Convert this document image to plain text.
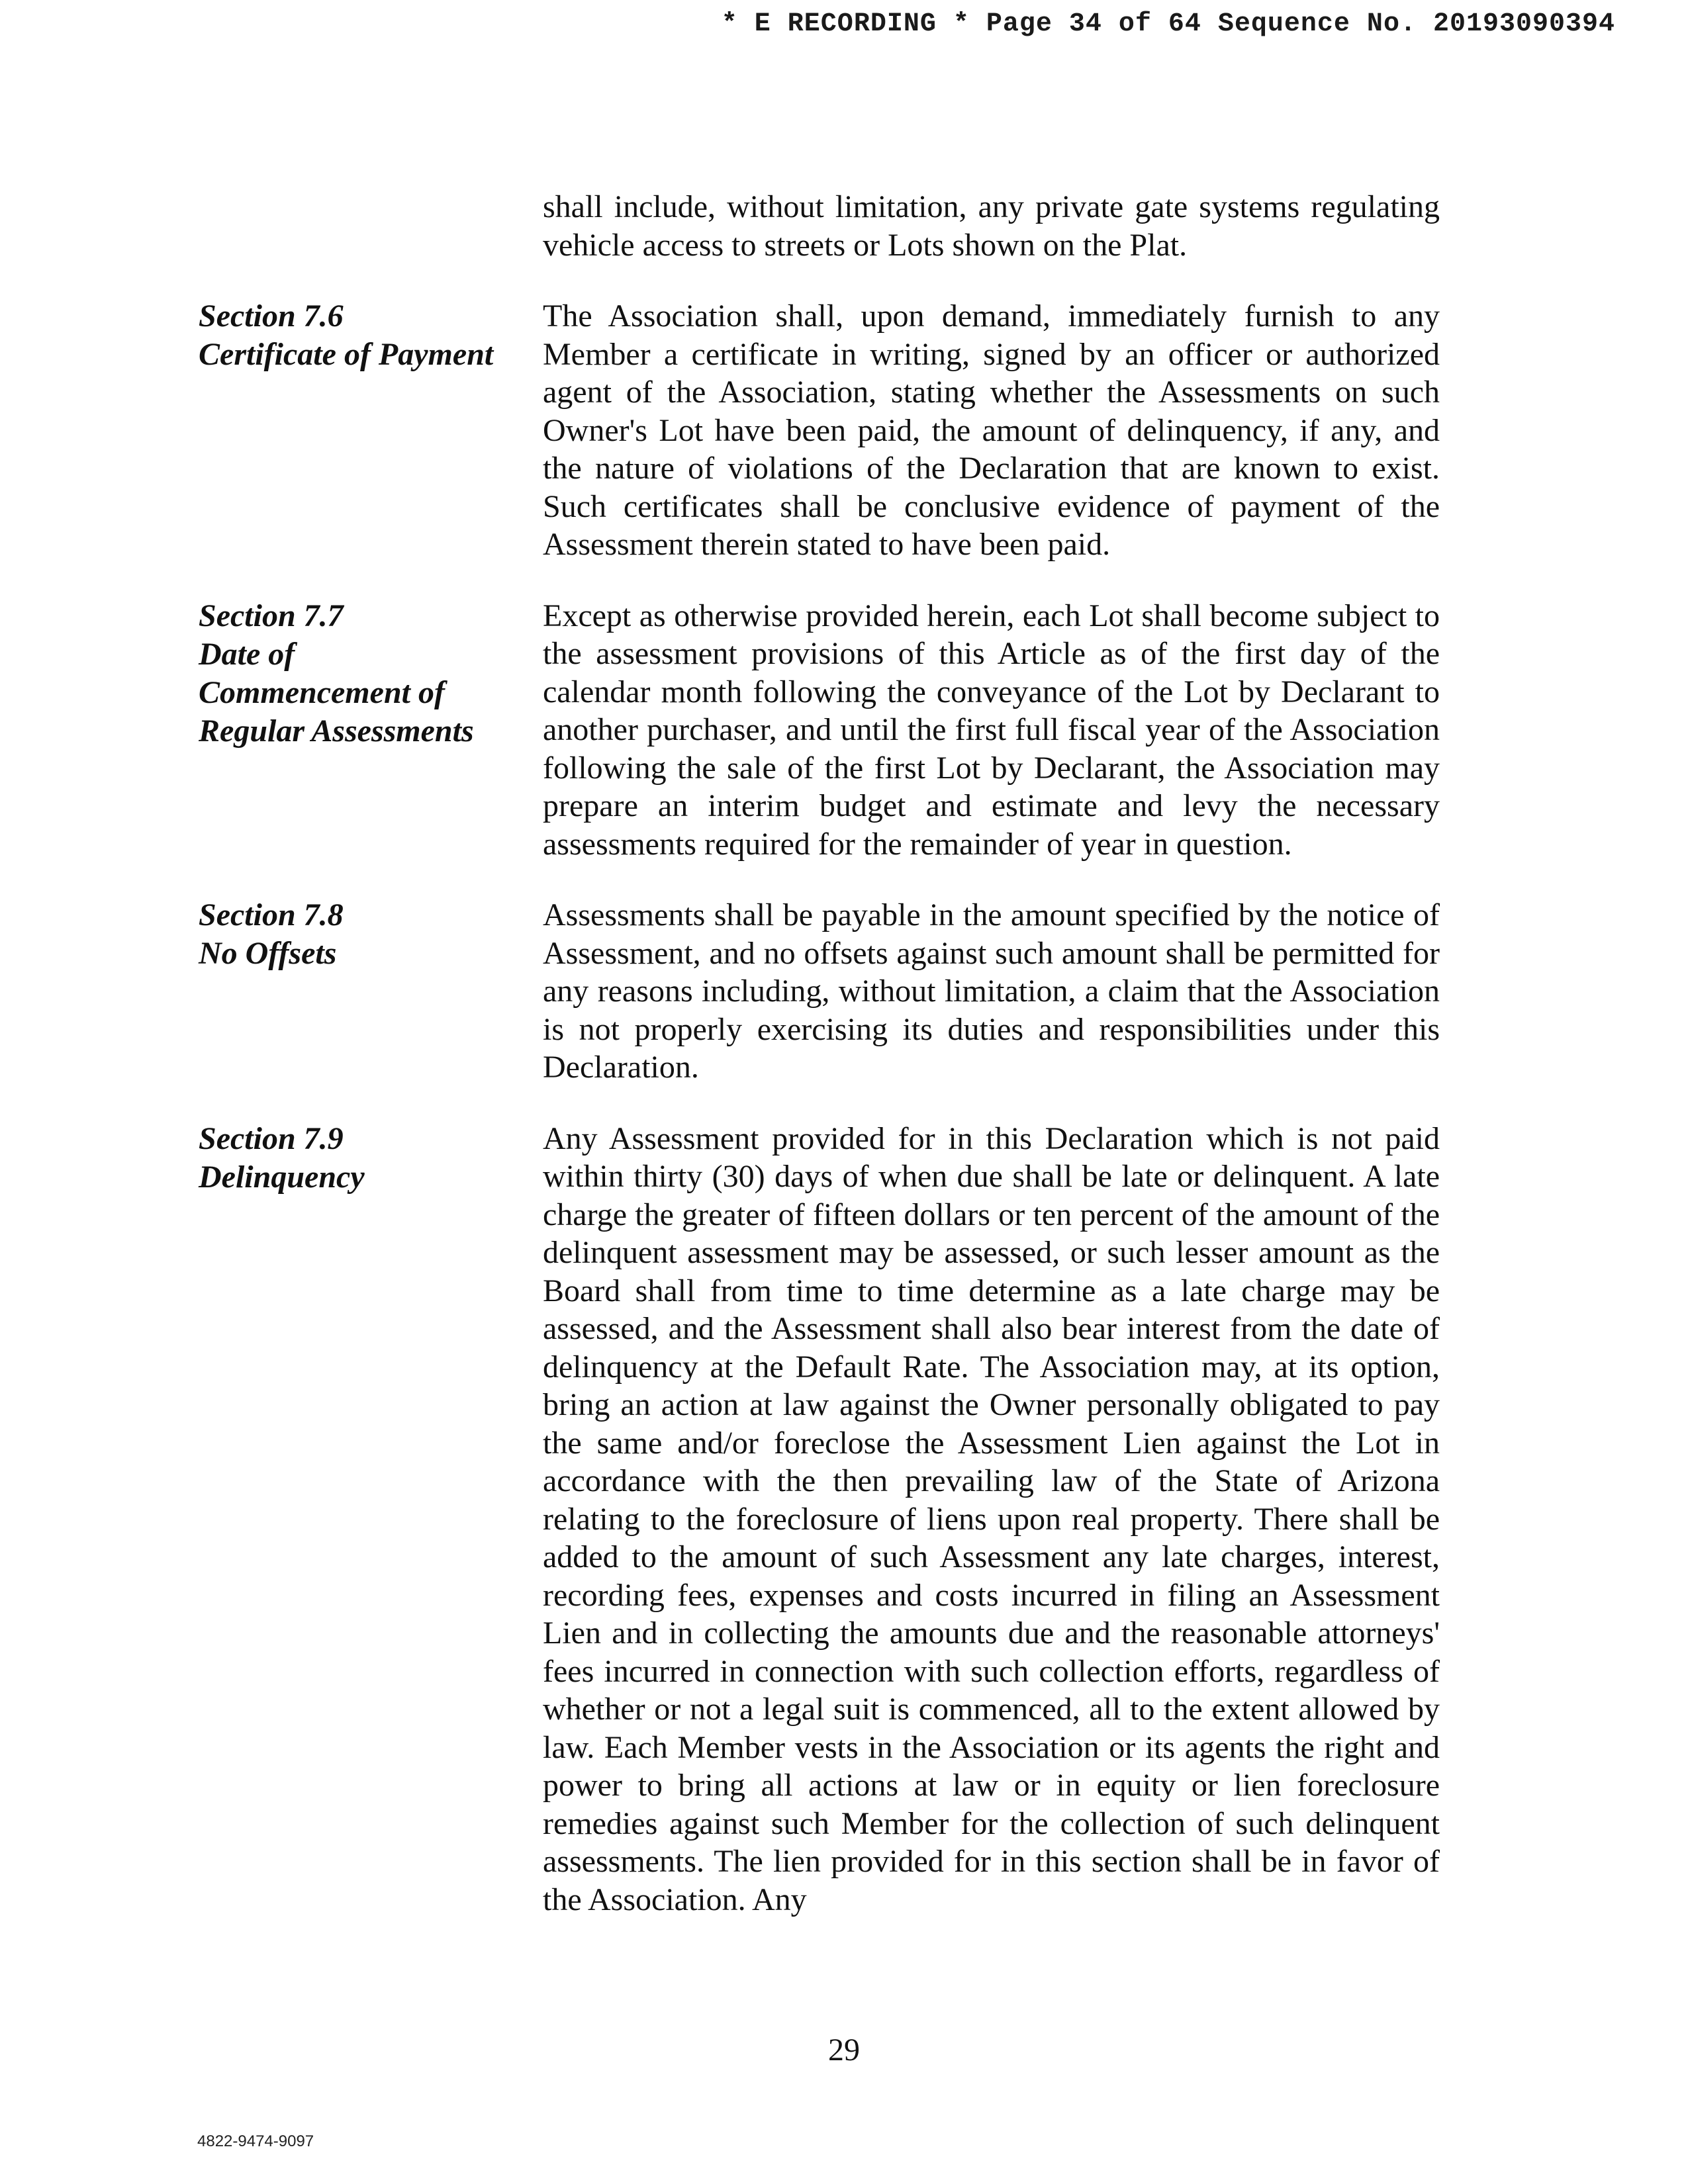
* E RECORDING * Page 34 of 64 Sequence No. 20193090394
shall include, without limitation, any private gate systems regulating vehicle access to streets or Lots shown on the Plat.
Section 7.6
Certificate of Payment
The Association shall, upon demand, immediately furnish to any Member a certificate in writing, signed by an officer or authorized agent of the Association, stating whether the Assessments on such Owner's Lot have been paid, the amount of delinquency, if any, and the nature of violations of the Declaration that are known to exist. Such certificates shall be conclusive evidence of payment of the Assessment therein stated to have been paid.
Section 7.7
Date of
Commencement of
Regular Assessments
Except as otherwise provided herein, each Lot shall become subject to the assessment provisions of this Article as of the first day of the calendar month following the conveyance of the Lot by Declarant to another purchaser, and until the first full fiscal year of the Association following the sale of the first Lot by Declarant, the Association may prepare an interim budget and estimate and levy the necessary assessments required for the remainder of year in question.
Section 7.8
No Offsets
Assessments shall be payable in the amount specified by the notice of Assessment, and no offsets against such amount shall be permitted for any reasons including, without limitation, a claim that the Association is not properly exercising its duties and responsibilities under this Declaration.
Section 7.9
Delinquency
Any Assessment provided for in this Declaration which is not paid within thirty (30) days of when due shall be late or delinquent. A late charge the greater of fifteen dollars or ten percent of the amount of the delinquent assessment may be assessed, or such lesser amount as the Board shall from time to time determine as a late charge may be assessed, and the Assessment shall also bear interest from the date of delinquency at the Default Rate. The Association may, at its option, bring an action at law against the Owner personally obligated to pay the same and/or foreclose the Assessment Lien against the Lot in accordance with the then prevailing law of the State of Arizona relating to the foreclosure of liens upon real property. There shall be added to the amount of such Assessment any late charges, interest, recording fees, expenses and costs incurred in filing an Assessment Lien and in collecting the amounts due and the reasonable attorneys' fees incurred in connection with such collection efforts, regardless of whether or not a legal suit is commenced, all to the extent allowed by law. Each Member vests in the Association or its agents the right and power to bring all actions at law or in equity or lien foreclosure remedies against such Member for the collection of such delinquent assessments. The lien provided for in this section shall be in favor of the Association. Any
29
4822-9474-9097
